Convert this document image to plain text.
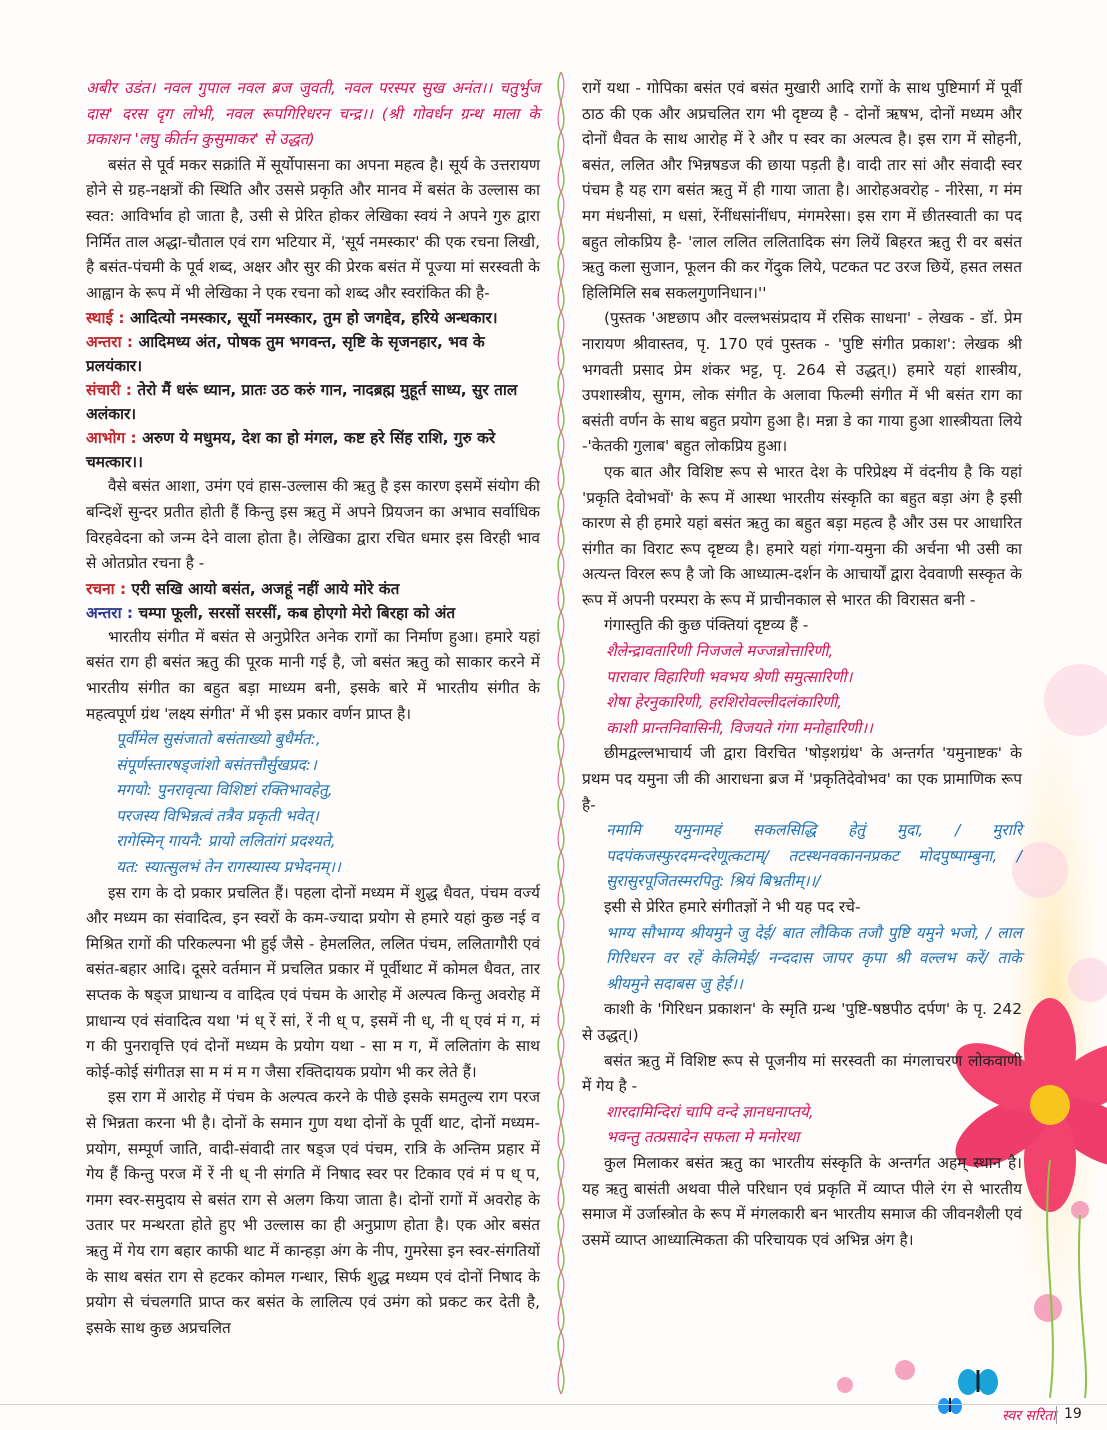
अबीर उडंत। नवल गुपाल नवल ब्रज जुवती, नवल परस्पर सुख अनंत।। चतुर्भुज दास' दरस दृग लोभी, नवल रूपगिरिधरन चन्द्र।। (श्री गोवर्धन ग्रन्थ माला के प्रकाशन 'लघु कीर्तन कुसुमाकर' से उद्धत)

बसंत से पूर्व मकर सक्रांति में सूर्योपासना का अपना महत्व है। सूर्य के उत्तरायण होने से ग्रह-नक्षत्रों की स्थिति और उससे प्रकृति और मानव में बसंत के उल्लास का स्वत: आविर्भाव हो जाता है, उसी से प्रेरित होकर लेखिका स्वयं ने अपने गुरु द्वारा निर्मित ताल अद्धा-चौताल एवं राग भटियार में, 'सूर्य नमस्कार' की एक रचना लिखी, है बसंत-पंचमी के पूर्व शब्द, अक्षर और सुर की प्रेरक बसंत में पूज्या मां सरस्वती के आह्वान के रूप में भी लेखिका ने एक रचना को शब्द और स्वरांकित की है-

स्थाई : आदित्यो नमस्कार, सूर्यो नमस्कार, तुम हो जगद्देव, हरिये अन्धकार।

अन्तरा : आदिमध्य अंत, पोषक तुम भगवन्त, सृष्टि के सृजनहार, भव के प्रलयंकार।

संचारी : तेरो मैं धरूं ध्यान, प्रातः उठ करुं गान, नादब्रह्म मुहूर्त साध्य, सुर ताल अलंकार।

आभोग : अरुण ये मधुमय, देश का हो मंगल, कष्ट हरे सिंह राशि, गुरु करे चमत्कार।।

वैसे बसंत आशा, उमंग एवं हास-उल्लास की ऋतु है इस कारण इसमें संयोग की बन्दिशें सुन्दर प्रतीत होती हैं किन्तु इस ऋतु में अपने प्रियजन का अभाव सर्वाधिक विरहवेदना को जन्म देने वाला होता है। लेखिका द्वारा रचित धमार इस विरही भाव से ओतप्रोत रचना है -

रचना : एरी सखि आयो बसंत, अजहूं नहीं आये मोरे कंत

अन्तरा : चम्पा फूली, सरसों सरसीं, कब होएगो मेरो बिरहा को अंत

भारतीय संगीत में बसंत से अनुप्रेरित अनेक रागों का निर्माण हुआ। हमारे यहां बसंत राग ही बसंत ऋतु की पूरक मानी गई है, जो बसंत ऋतु को साकार करने में भारतीय संगीत का बहुत बड़ा माध्यम बनी, इसके बारे में भारतीय संगीत के महत्वपूर्ण ग्रंथ 'लक्ष्य संगीत' में भी इस प्रकार वर्णन प्राप्त है।

पूर्वीमेल सुसंजातो बसंताख्यो बुधैर्मत:,

संपूर्णस्तारषड्जांशो बसंतत्तौर्सुखप्रद:।

मगयो: पुनरावृत्या विशिष्टां रक्तिभावहेतु,

परजस्य विभिन्नत्वं तत्रैव प्रकृती भवेत्।

रागेस्मिन् गायनै: प्रायो ललितांगं प्रदश्यते,

यत: स्यात्सुलभं तेन रागस्यास्य प्रभेदनम्।।

इस राग के दो प्रकार प्रचलित हैं। पहला दोनों मध्यम में शुद्ध धैवत, पंचम वर्ज्य और मध्यम का संवादित्व, इन स्वरों के कम-ज्यादा प्रयोग से हमारे यहां कुछ नई व मिश्रित रागों की परिकल्पना भी हुई जैसे - हेमललित, ललित पंचम, ललितागौरी एवं बसंत-बहार आदि। दूसरे वर्तमान में प्रचलित प्रकार में पूर्वीथाट में कोमल धैवत, तार सप्तक के षड्ज प्राधान्य व वादित्व एवं पंचम के आरोह में अल्पत्व किन्तु अवरोह में प्राधान्य एवं संवादित्व यथा 'मं ध् रें सां, रें नी ध् प, इसमें नी ध्, नी ध् एवं मं ग, मं ग की पुनरावृत्ति एवं दोनों मध्यम के प्रयोग यथा - सा म ग, में ललितांग के साथ कोई-कोई संगीतज्ञ सा म मं म ग जैसा रक्तिदायक प्रयोग भी कर लेते हैं।

इस राग में आरोह में पंचम के अल्पत्व करने के पीछे इसके समतुल्य राग परज से भिन्नता करना भी है। दोनों के समान गुण यथा दोनों के पूर्वी थाट, दोनों मध्यम-प्रयोग, सम्पूर्ण जाति, वादी-संवादी तार षड्ज एवं पंचम, रात्रि के अन्तिम प्रहार में गेय हैं किन्तु परज में रें नी ध् नी संगति में निषाद स्वर पर टिकाव एवं मं प ध् प, गमग स्वर-समुदाय से बसंत राग से अलग किया जाता है। दोनों रागों में अवरोह के उतार पर मन्थरता होते हुए भी उल्लास का ही अनुप्राण होता है। एक ओर बसंत ऋतु में गेय राग बहार काफी थाट में कान्हड़ा अंग के नीप, गुमरेसा इन स्वर-संगतियों के साथ बसंत राग से हटकर कोमल गन्धार, सिर्फ शुद्ध मध्यम एवं दोनों निषाद के प्रयोग से चंचलगति प्राप्त कर बसंत के लालित्य एवं उमंग को प्रकट कर देती है, इसके साथ कुछ अप्रचलित

रागें यथा - गोपिका बसंत एवं बसंत मुखारी आदि रागों के साथ पुष्टिमार्ग में पूर्वी ठाठ की एक और अप्रचलित राग भी दृष्टव्य है - दोनों ऋषभ, दोनों मध्यम और दोनों धैवत के साथ आरोह में रे और प स्वर का अल्पत्व है। इस राग में सोहनी, बसंत, ललित और भिन्नषडज की छाया पड़ती है। वादी तार सां और संवादी स्वर पंचम है यह राग बसंत ऋतु में ही गाया जाता है। आरोहअवरोह - नीरेसा, ग मंम मग मंधनीसां, म धसां, रेंनींधसांनींधप, मंगमरेसा। इस राग में छीतस्वाती का पद बहुत लोकप्रिय है- 'लाल ललित ललितादिक संग लियें बिहरत ऋतु री वर बसंत ऋतु कला सुजान, फूलन की कर गेंदुक लिये, पटकत पट उरज छियें, हसत लसत हिलिमिलि सब सकलगुणनिधान।''

(पुस्तक 'अष्टछाप और वल्लभसंप्रदाय में रसिक साधना' - लेखक - डॉ. प्रेम नारायण श्रीवास्तव, पृ. 170 एवं पुस्तक - 'पुष्टि संगीत प्रकाश': लेखक श्री भगवती प्रसाद प्रेम शंकर भट्ट, पृ. 264 से उद्धत्।) हमारे यहां शास्त्रीय, उपशास्त्रीय, सुगम, लोक संगीत के अलावा फिल्मी संगीत में भी बसंत राग का बसंती वर्णन के साथ बहुत प्रयोग हुआ है। मन्ना डे का गाया हुआ शास्त्रीयता लिये -'केतकी गुलाब' बहुत लोकप्रिय हुआ।

एक बात और विशिष्ट रूप से भारत देश के परिप्रेक्ष्य में वंदनीय है कि यहां 'प्रकृति देवोभवों' के रूप में आस्था भारतीय संस्कृति का बहुत बड़ा अंग है इसी कारण से ही हमारे यहां बसंत ऋतु का बहुत बड़ा महत्व है और उस पर आधारित संगीत का विराट रूप दृष्टव्य है। हमारे यहां गंगा-यमुना की अर्चना भी उसी का अत्यन्त विरल रूप है जो कि आध्यात्म-दर्शन के आचार्यों द्वारा देववाणी सस्कृत के रूप में अपनी परम्परा के रूप में प्राचीनकाल से भारत की विरासत बनी -

गंगास्तुति की कुछ पंक्तियां दृष्टव्य हैं -

शैलेन्द्रावतारिणी निजजले मज्जन्नोत्तारिणी,

पारावार विहारिणी भवभय श्रेणी समुत्सारिणी।

शेषा हेरनुकारिणी, हरशिरोवल्लीदलंकारिणी,

काशी प्रान्तनिवासिनी, विजयते गंगा मनोहारिणी।।

छीमद्वल्लभाचार्य जी द्वारा विरचित 'षोड़शग्रंथ' के अन्तर्गत 'यमुनाष्टक' के प्रथम पद यमुना जी की आराधना ब्रज में 'प्रकृतिदेवोभव' का एक प्रामाणिक रूप है-

नमामि यमुनामहं सकलसिद्धि हेतुं मुदा, / मुरारि पदपंकजस्फुरदमन्दरेणूत्कटाम्/ तटस्थनवकाननप्रकट मोदपुष्पाम्बुना, / सुरासुरपूजितस्मरपितु: श्रियं बिभ्रतीम्।।/

इसी से प्रेरित हमारे संगीतज्ञों ने भी यह पद रचे-

भाग्य सौभाग्य श्रीयमुने जु देई/ बात लौकिक तजौ पुष्टि यमुने भजो, / लाल गिरिधरन वर रहें केलिमेई/ नन्ददास जापर कृपा श्री वल्लभ करें/ ताके श्रीयमुने सदाबस जु हेई।।

काशी के 'गिरिधन प्रकाशन' के स्मृति ग्रन्थ 'पुष्टि-षष्ठपीठ दर्पण' के पृ. 242 से उद्धत्।)

बसंत ऋतु में विशिष्ट रूप से पूजनीय मां सरस्वती का मंगलाचरण लोकवाणी में गेय है -

शारदामिन्दिरां चापि वन्दे ज्ञानधनाप्तये,

भवन्तु तत्प्रसादेन सफला मे मनोरथा

कुल मिलाकर बसंत ऋतु का भारतीय संस्कृति के अन्तर्गत अहम् स्थान है। यह ऋतु बासंती अथवा पीले परिधान एवं प्रकृति में व्याप्त पीले रंग से भारतीय समाज में उर्जास्त्रोत के रूप में मंगलकारी बन भारतीय समाज की जीवनशैली एवं उसमें व्याप्त आध्यात्मिकता की परिचायक एवं अभिन्न अंग है।

स्वर सरिता 19
